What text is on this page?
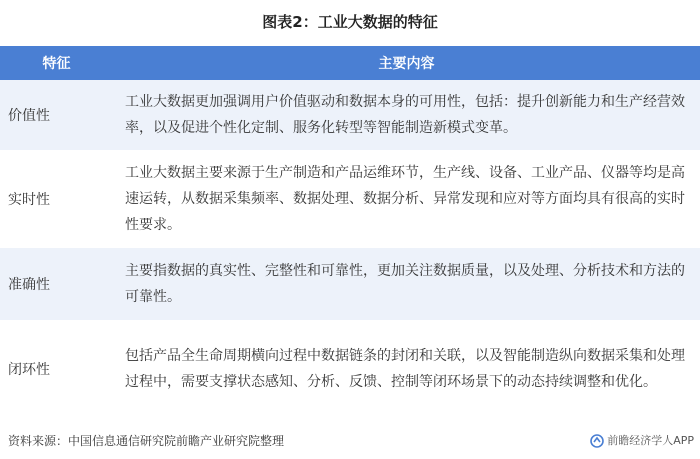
图表2：工业大数据的特征
特征	主要内容
价值性	工业大数据更加强调用户价值驱动和数据本身的可用性，包括：提升创新能力和生产经营效率，以及促进个性化定制、服务化转型等智能制造新模式变革。
实时性	工业大数据主要来源于生产制造和产品运维环节，生产线、设备、工业产品、仪器等均是高速运转，从数据采集频率、数据处理、数据分析、异常发现和应对等方面均具有很高的实时性要求。
准确性	主要指数据的真实性、完整性和可靠性，更加关注数据质量，以及处理、分析技术和方法的可靠性。
闭环性	包括产品全生命周期横向过程中数据链条的封闭和关联，以及智能制造纵向数据采集和处理过程中，需要支撑状态感知、分析、反馈、控制等闭环场景下的动态持续调整和优化。
资料来源：中国信息通信研究院前瞻产业研究院整理	前瞻经济学人APP
